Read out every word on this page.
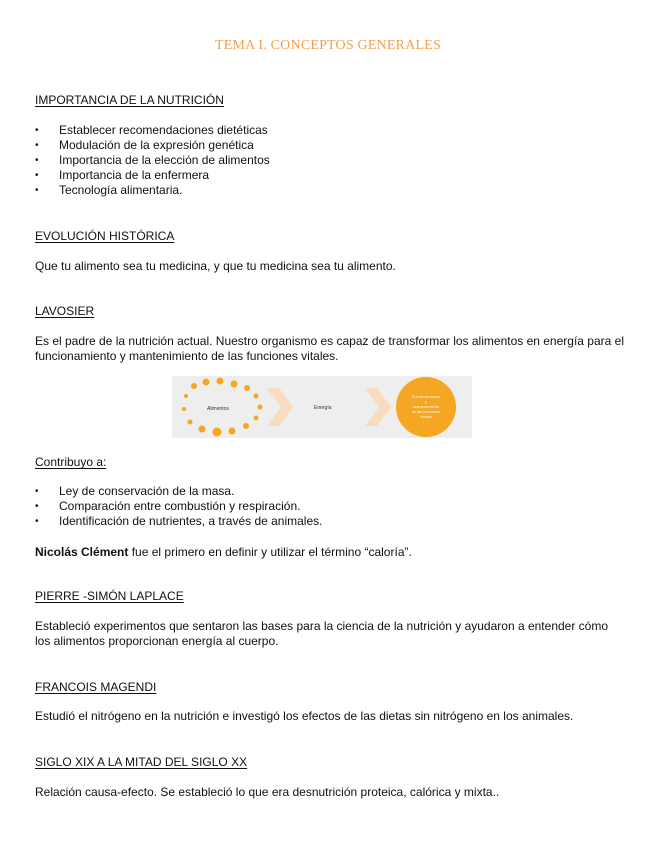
TEMA I. CONCEPTOS GENERALES
IMPORTANCIA DE LA NUTRICIÓN
• Establecer recomendaciones dietéticas
• Modulación de la expresión genética
• Importancia de la elección de alimentos
• Importancia de la enfermera
• Tecnología alimentaria.
EVOLUCIÓN HISTÓRICA
Que tu alimento sea tu medicina, y que tu medicina sea tu alimento.
LAVOSIER
Es el padre de la nutrición actual. Nuestro organismo es capaz de transformar los alimentos en energía para el funcionamiento y mantenimiento de las funciones vitales.
Alimentos	Energía
Funcionamiento
y
mantenimiento
de las funciones
vitales
Contribuyo a:
• Ley de conservación de la masa.
• Comparación entre combustión y respiración.
• Identificación de nutrientes, a través de animales.
Nicolás Clément fue el primero en definir y utilizar el término “caloría”.
PIERRE -SIMÓN LAPLACE
Estableció experimentos que sentaron las bases para la ciencia de la nutrición y ayudaron a entender cómo los alimentos proporcionan energía al cuerpo.
FRANCOIS MAGENDI
Estudió el nitrógeno en la nutrición e investigó los efectos de las dietas sin nitrógeno en los animales.
SIGLO XIX A LA MITAD DEL SIGLO XX
Relación causa-efecto. Se estableció lo que era desnutrición proteica, calórica y mixta..
